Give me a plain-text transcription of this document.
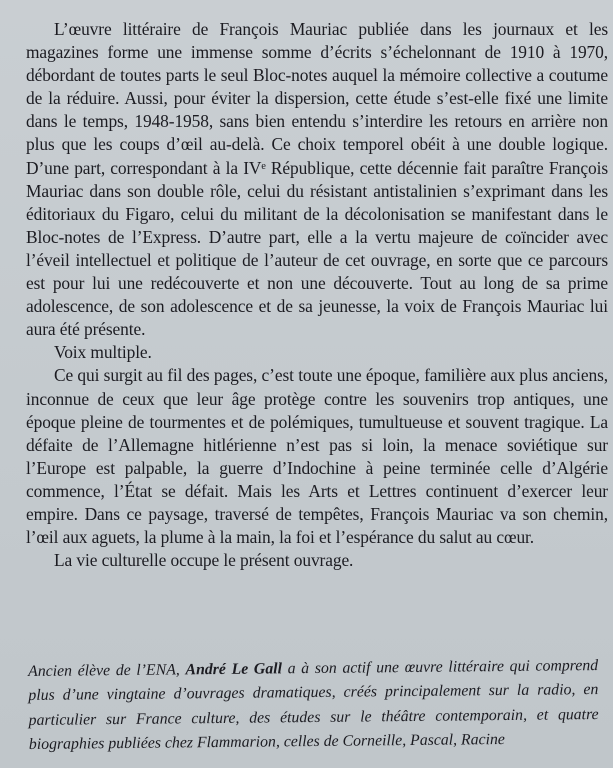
L’œuvre littéraire de François Mauriac publiée dans les journaux et les magazines forme une immense somme d’écrits s’échelonnant de 1910 à 1970, débordant de toutes parts le seul Bloc-notes auquel la mémoire collective a coutume de la réduire. Aussi, pour éviter la dispersion, cette étude s’est-elle fixé une limite dans le temps, 1948-1958, sans bien entendu s’interdire les retours en arrière non plus que les coups d’œil au-delà. Ce choix temporel obéit à une double logique. D’une part, correspondant à la IVᵉ République, cette décennie fait paraître François Mauriac dans son double rôle, celui du résistant antistalinien s’exprimant dans les éditoriaux du Figaro, celui du militant de la décolonisation se manifestant dans le Bloc-notes de l’Express. D’autre part, elle a la vertu majeure de coïncider avec l’éveil intellectuel et politique de l’auteur de cet ouvrage, en sorte que ce parcours est pour lui une redécouverte et non une découverte. Tout au long de sa prime adolescence, de son adolescence et de sa jeunesse, la voix de François Mauriac lui aura été présente.

Voix multiple.

Ce qui surgit au fil des pages, c’est toute une époque, familière aux plus anciens, inconnue de ceux que leur âge protège contre les souvenirs trop antiques, une époque pleine de tourmentes et de polémiques, tumultueuse et souvent tragique. La défaite de l’Allemagne hitlérienne n’est pas si loin, la menace soviétique sur l’Europe est palpable, la guerre d’Indochine à peine terminée celle d’Algérie commence, l’État se défait. Mais les Arts et Lettres continuent d’exercer leur empire. Dans ce paysage, traversé de tempêtes, François Mauriac va son chemin, l’œil aux aguets, la plume à la main, la foi et l’espérance du salut au cœur.

La vie culturelle occupe le présent ouvrage.

Ancien élève de l’ENA, André Le Gall a à son actif une œuvre littéraire qui comprend plus d’une vingtaine d’ouvrages dramatiques, créés principalement sur la radio, en particulier sur France culture, des études sur le théâtre contemporain, et quatre biographies publiées chez Flammarion, celles de Corneille, Pascal, Racine
